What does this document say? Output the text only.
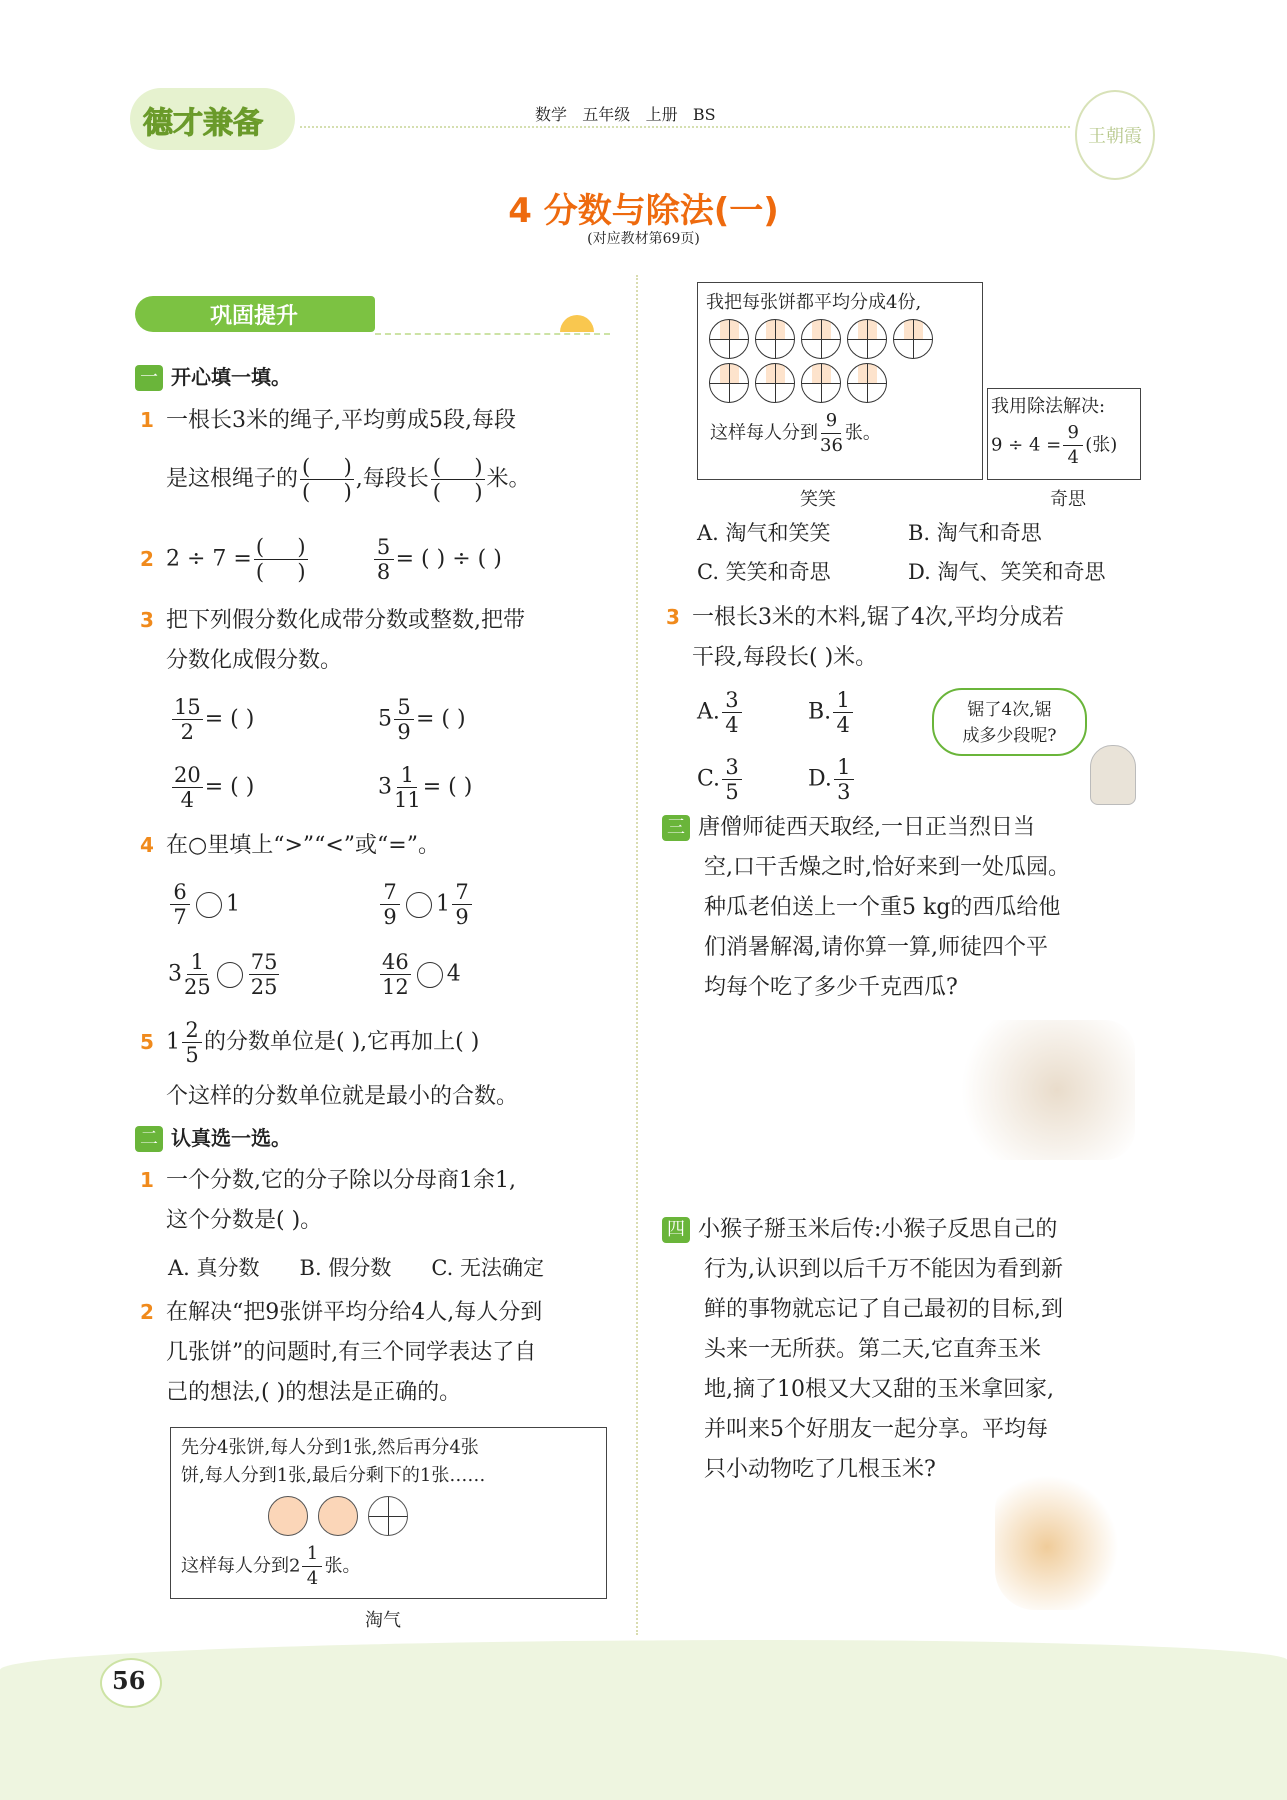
德才兼备	数学 五年级 上册 BS
王朝霞
4 分数与除法(一)
(对应教材第69页)
巩固提升
一 开心填一填。
1 一根长3米的绳子,平均剪成5段,每段
是这根绳子的 $\frac{( )}{( )}$ ,每段长 $\frac{( )}{( )}$ 米。
2 $2 \div 7 = \frac{( )}{( )}$
	$\frac{5}{8}$ = ( ) ÷ ( )
3 把下列假分数化成带分数或整数,把带
分数化成假分数。
$\frac{15}{2}$ = ( )	$5 \frac{5}{9}$ = ( )
$\frac{20}{4}$ = ( )	$3 \frac{1}{11}$ = ( )
4 在○里填上“>”“<”或“=”。
$\frac{6}{7} 1$	$\frac{7}{9} 1 \frac{7}{9}$
$3 \frac{1}{25} \frac{75}{25}$	$\frac{46}{12} 4$
5 $1 \frac{2}{5}$ 的分数单位是( ),它再加上( )
个这样的分数单位就是最小的合数。
二 认真选一选。
1 一个分数,它的分子除以分母商1余1,
这个分数是( )。
A. 真分数 B. 假分数 C. 无法确定
2 在解决“把9张饼平均分给4人,每人分到
几张饼”的问题时,有三个同学表达了自
己的想法,( )的想法是正确的。
先分4张饼,每人分到1张,然后再分4张
饼,每人分到1张,最后分剩下的1张……
这样每人分到$2 \frac{1}{4}$ 张。
淘气
我把每张饼都平均分成4份,

这样每人分到 $\frac{9}{36}$ 张。
笑笑
我用除法解决:
$9 \div 4 = \frac{9}{4}$ (张)
奇思
A. 淘气和笑笑	B. 淘气和奇思
C. 笑笑和奇思	D. 淘气、笑笑和奇思
3 一根长3米的木料,锯了4次,平均分成若
干段,每段长( )米。
A. $\frac{3}{4}$	B. $\frac{1}{4}$
C. $\frac{3}{5}$	D. $\frac{1}{3}$
锯了4次,锯
成多少段呢?
三 唐僧师徒西天取经,一日正当烈日当
空,口干舌燥之时,恰好来到一处瓜园。
种瓜老伯送上一个重5 kg的西瓜给他
们消暑解渴,请你算一算,师徒四个平
均每个吃了多少千克西瓜?
四 小猴子掰玉米后传:小猴子反思自己的
行为,认识到以后千万不能因为看到新
鲜的事物就忘记了自己最初的目标,到
头来一无所获。第二天,它直奔玉米
地,摘了10根又大又甜的玉米拿回家,
并叫来5个好朋友一起分享。平均每
只小动物吃了几根玉米?
56
